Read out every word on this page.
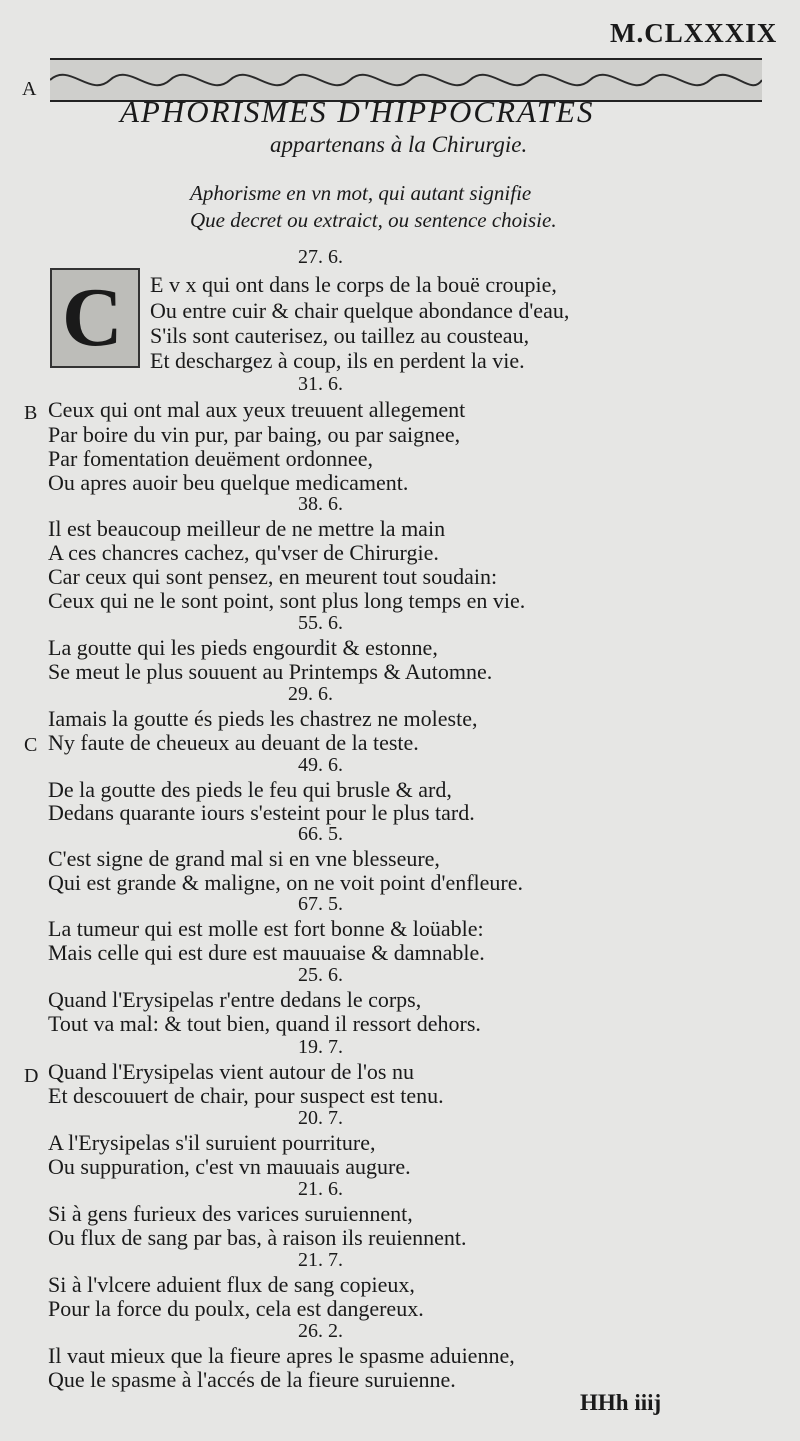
M.CLXXXIX
A
APHORISMES D'HIPPOCRATES
appartenans à la Chirurgie.
Aphorisme en vn mot, qui autant signifie
Que decret ou extraict, ou sentence choisie.
C
27. 6.
E v x qui ont dans le corps de la bouë croupie,
Ou entre cuir & chair quelque abondance d'eau,
S'ils sont cauterisez, ou taillez au cousteau,
Et deschargez à coup, ils en perdent la vie.
31. 6.
B Ceux qui ont mal aux yeux treuuent allegement
Par boire du vin pur, par baing, ou par saignee,
Par fomentation deuëment ordonnee,
Ou apres auoir beu quelque medicament.
38. 6.
Il est beaucoup meilleur de ne mettre la main
A ces chancres cachez, qu'vser de Chirurgie.
Car ceux qui sont pensez, en meurent tout soudain:
Ceux qui ne le sont point, sont plus long temps en vie.
55. 6.
La goutte qui les pieds engourdit & estonne,
Se meut le plus souuent au Printemps & Automne.
29. 6.
Iamais la goutte és pieds les chastrez ne moleste,
C Ny faute de cheueux au deuant de la teste.
49. 6.
De la goutte des pieds le feu qui brusle & ard,
Dedans quarante iours s'esteint pour le plus tard.
66. 5.
C'est signe de grand mal si en vne blesseure,
Qui est grande & maligne, on ne voit point d'enfleure.
67. 5.
La tumeur qui est molle est fort bonne & loüable:
Mais celle qui est dure est mauuaise & damnable.
25. 6.
Quand l'Erysipelas r'entre dedans le corps,
Tout va mal: & tout bien, quand il ressort dehors.
19. 7.
D Quand l'Erysipelas vient autour de l'os nu
Et descouuert de chair, pour suspect est tenu.
20. 7.
A l'Erysipelas s'il suruient pourriture,
Ou suppuration, c'est vn mauuais augure.
21. 6.
Si à gens furieux des varices suruiennent,
Ou flux de sang par bas, à raison ils reuiennent.
21. 7.
Si à l'vlcere aduient flux de sang copieux,
Pour la force du poulx, cela est dangereux.
26. 2.
Il vaut mieux que la fieure apres le spasme aduienne,
Que le spasme à l'accés de la fieure suruienne.
HHh iiij
